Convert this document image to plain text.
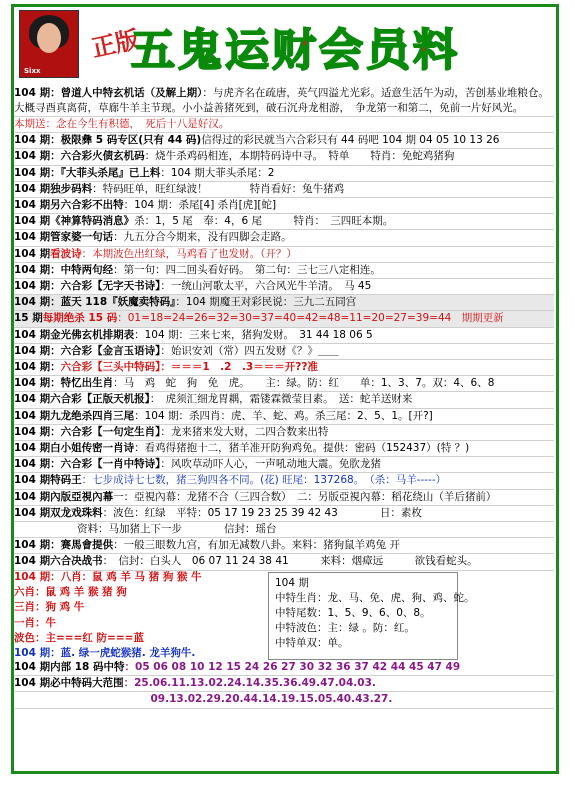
Sixx
正版
五鬼运财会员料
104 期：曾道人中特玄机话（及解上期）：与虎齐名在疏唐，英气四溢尤光彩。适意生活午为动，苦创基业堆粮仓。大概寻酉真离荷，草廊牛羊主节现。小小益善猪死到，破石沉舟龙相游，　争龙第一和第二，免前一片好风光。
本期送：念在今生有积德，　死后十八是好汉。
104 期：极限彝 5 码专区(只有 44 码)信得过的彩民就当六合彩只有 44 码吧 104 期 04 05 10 13 26
104 期：六合彩火债玄机码：烧牛杀鸡码相连，本期特码诗中寻。　特单　　特肖：免蛇鸡猪狗
104 期：『大菲头杀尾』已上料：104 期大菲头杀尾：2
104 期独步码料：特码旺单，旺红绿波！　　　　特肖看好：兔牛猪鸡
104 期另六合彩不出特：104 期：杀尾[4] 杀肖[虎][蛇]
104 期《神算特码消息》杀：1，5 尾　奉：4，6 尾　　　特肖：　三四旺本期。
104 期管家婆一句话：九五分合今期来，没有四脚会走路。
104 期看波诗：本期波色出红绿，马鸡看了也发财。（开？）
104 期：中特两句经：第一句：四二回头看好码。　第二句：三七三八定相连。
104 期：六合彩【无字天书诗】：一统山河歌太平，六合风光牛羊清。　马 45
104 期：蓝天 118『妖魔卖特码』：104 期魔王对彩民说：三九二五同宫
15 期每期绝杀 15 码：01=18=24=26=32=30=37=40=42=48=11=20=27=39=44　期期更新
104 期金光佛玄机排期表：104 期：三来七来，猪狗发财。　31 44 18 06 5
104 期：六合彩【金言玉语诗】：始识安刘（常）四五发财《？》＿＿
104 期：六合彩【三头中特码】：＝＝＝1　.2　.3＝＝＝开??准
104 期：特忆出生肖：马　鸡　蛇　狗　免　虎。　　主：绿。防：红　　单：1、3、7。双：4、6、8
104 期六合彩【正版天机报】：　虎须汇细龙胃耦，霜镂霖微莹目素。　送：蛇羊送财来
104 期九龙绝杀四肖三尾：104 期：杀四肖：虎、羊、蛇、鸡。杀三尾：2、5、1。[开?]
104 期：六合彩【一句定生肖】：龙来猪来发大财，二四合数来出特
104 期白小姐传密一肖诗：看鸡得猪抱十二，猪羊准开防狗鸡免。提供：密码（152437）(特 ？)
104 期：六合彩【一肖中特诗】：风吹草动吓人心，一声吼动地大震。免肷龙猪
104 期特码王：七步成诗七七数，猪三狗四各不同。(花) 旺尾：137268。　（杀：马羊-----）
104 期內版亞視內幕一：亞視內幕：龙猪不合（三四合数）　二：另版亞視內幕：稻花绕山（羊后猪前）
104 期双龙戏珠料：波色：红绿　平特：05 17 19 23 25 39 42 43　　　　日：素枚
　　　　　　资料：马加猪上下一步　　　　信封：瑶台
104 期：赛馬會提供：一般三眼数九宫，有加无减数八卦。来料：猪狗鼠羊鸡兔 开
104 期六合决战书：　信封：白头人　06 07 11 24 38 41　　　来料：烟瘴远　　　欲钱看蛇头。
104 期：八肖：鼠 鸡 羊 马 猪 狗 猴 牛
六肖：鼠 鸡 羊 猴 猪 狗
三肖：狗 鸡 牛
一肖：牛
波色：主===红 防===蓝
104 期：蓝. 绿一虎蛇猴猪. 龙羊狗牛.
104 期
中特生肖：龙、马、免、虎、狗、鸡、蛇。
中特尾数：1、5、9、6、0、8。
中特波色：主：绿 。防：红。
中特单双：单。
104 期内部 18 码中特：05 06 08 10 12 15 24 26 27 30 32 36 37 42 44 45 47 49
104 期必中特码大范围：25.06.11.13.02.24.14.35.36.49.47.04.03.
　　　　　　　　　　　　　09.13.02.29.20.44.14.19.15.05.40.43.27.
